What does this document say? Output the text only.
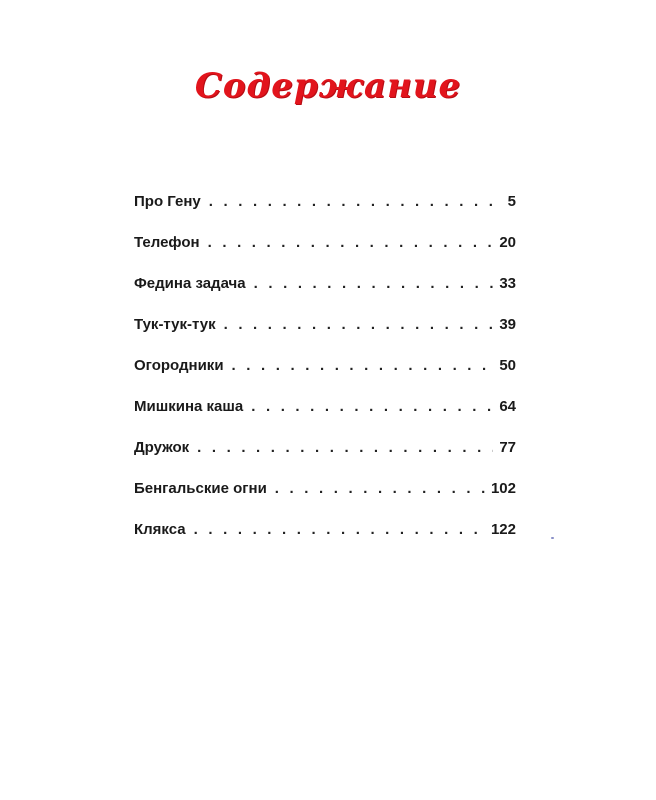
Содержание
Про Гену . . .	5
Телефон . . .	20
Федина задача . . .	33
Тук-тук-тук . . .	39
Огородники . . .	50
Мишкина каша . . .	64
Дружок . . .	77
Бенгальские огни . . .	102
Клякса . . .	122
